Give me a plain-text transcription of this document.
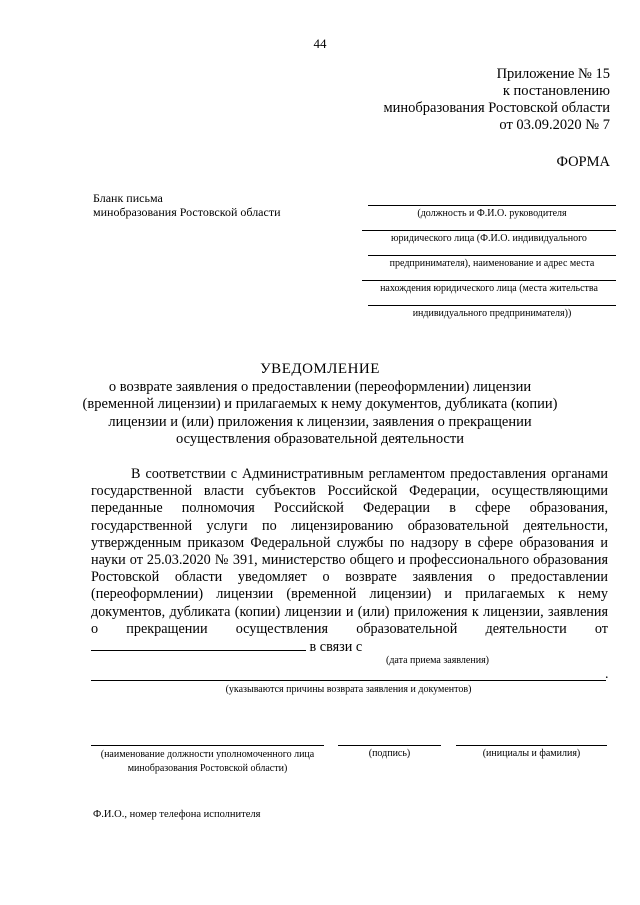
44
Приложение № 15
к постановлению
минобразования Ростовской области
от 03.09.2020 № 7
ФОРМА
Бланк письма
минобразования Ростовской области	(должность и Ф.И.О. руководителя
юридического лица (Ф.И.О. индивидуального
предпринимателя), наименование и адрес места
нахождения юридического лица (места жительства
индивидуального предпринимателя))
УВЕДОМЛЕНИЕ
о возврате заявления о предоставлении (переоформлении) лицензии
(временной лицензии) и прилагаемых к нему документов, дубликата (копии)
лицензии и (или) приложения к лицензии, заявления о прекращении
осуществления образовательной деятельности

В соответствии с Административным регламентом предоставления органами государственной власти субъектов Российской Федерации, осуществляющими переданные полномочия Российской Федерации в сфере образования, государственной услуги по лицензированию образовательной деятельности, утвержденным приказом Федеральной службы по надзору в сфере образования и науки от 25.03.2020 № 391, министерство общего и профессионального образования Ростовской области уведомляет о возврате заявления о предоставлении (переоформлении) лицензии (временной лицензии) и прилагаемых к нему документов, дубликата (копии) лицензии и (или) приложения к лицензии, заявления о прекращении осуществления образовательной деятельности от  в связи с

(дата приема заявления)
.
(указываются причины возврата заявления и документов)
(наименование должности уполномоченного лица
минобразования Ростовской области)
(подпись)	(инициалы и фамилия)
Ф.И.О., номер телефона исполнителя
